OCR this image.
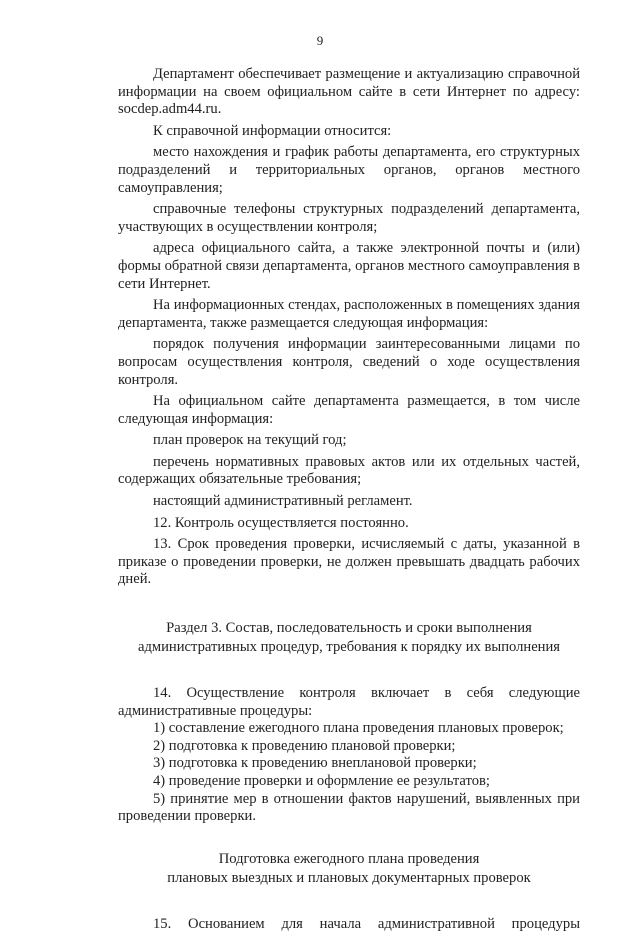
9

Департамент обеспечивает размещение и актуализацию справочной информации на своем официальном сайте в сети Интернет по адресу: socdep.adm44.ru.

К справочной информации относится:

место нахождения и график работы департамента, его структурных подразделений и территориальных органов, органов местного самоуправления;

справочные телефоны структурных подразделений департамента, участвующих в осуществлении контроля;

адреса официального сайта, а также электронной почты и (или) формы обратной связи департамента, органов местного самоуправления в сети Интернет.

На информационных стендах, расположенных в помещениях здания департамента, также размещается следующая информация:

порядок получения информации заинтересованными лицами по вопросам осуществления контроля, сведений о ходе осуществления контроля.

На официальном сайте департамента размещается, в том числе следующая информация:

план проверок на текущий год;

перечень нормативных правовых актов или их отдельных частей, содержащих обязательные требования;

настоящий административный регламент.

12. Контроль осуществляется постоянно.

13. Срок проведения проверки, исчисляемый с даты, указанной в приказе о проведении проверки, не должен превышать двадцать рабочих дней.

Раздел 3. Состав, последовательность и сроки выполнения
административных процедур, требования к порядку их выполнения

14. Осуществление контроля включает в себя следующие административные процедуры:

1) составление ежегодного плана проведения плановых проверок;

2) подготовка к проведению плановой проверки;

3) подготовка к проведению внеплановой проверки;

4) проведение проверки и оформление ее результатов;

5) принятие мер в отношении фактов нарушений, выявленных при проведении проверки.

Подготовка ежегодного плана проведения
плановых выездных и плановых документарных проверок

15. Основанием для начала административной процедуры
